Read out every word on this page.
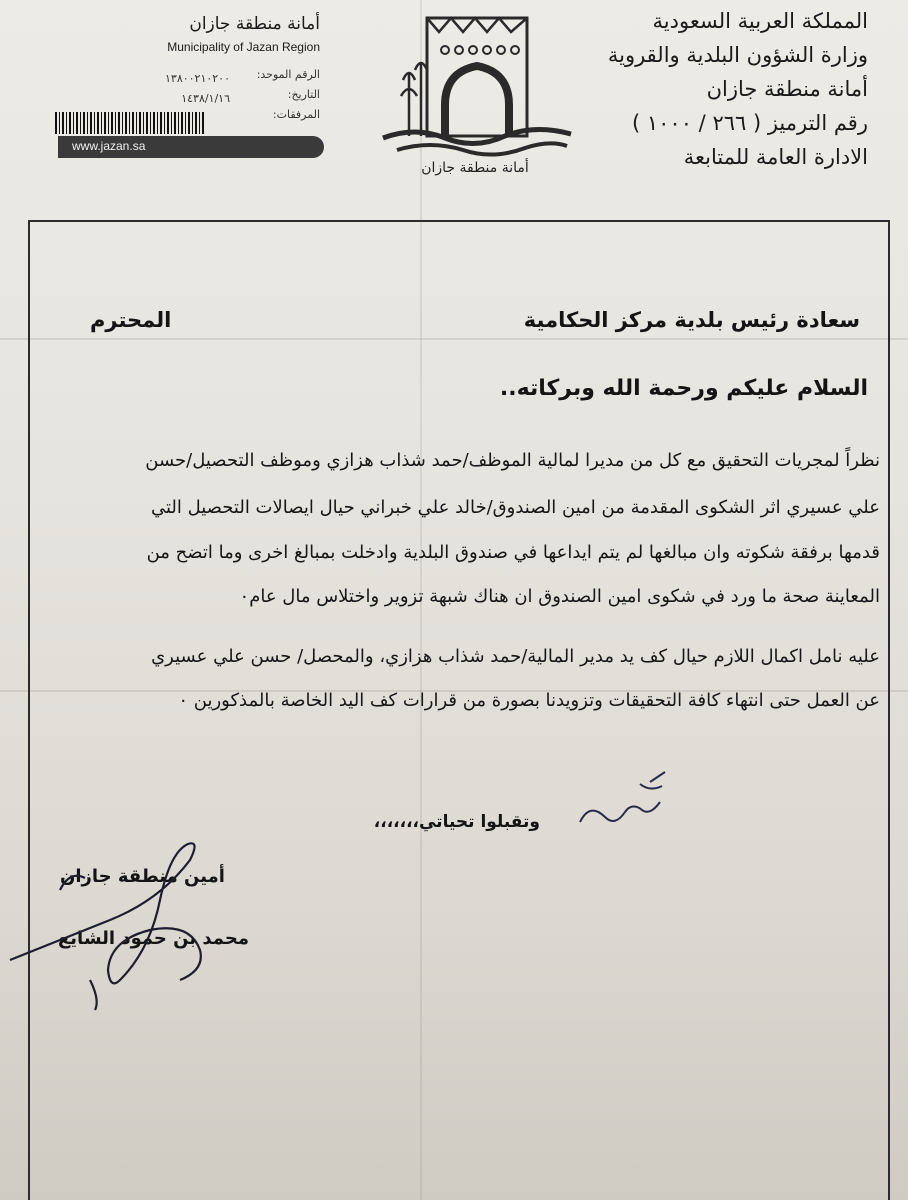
المملكة العربية السعودية
وزارة الشؤون البلدية والقروية
أمانة منطقة جازان
رقم الترميز ( ٢٦٦ / ١٠٠٠ )
الادارة العامة للمتابعة
أمانة منطقة جازان
Municipality of Jazan Region
الرقم الموحد:
١٣٨٠٠٢١٠٢٠٠
التاريخ:
١٤٣٨/١/١٦
المرفقات:
www.jazan.sa
أمانة منطقة جازان
سعادة رئيس بلدية مركز الحكامية
المحترم
السلام عليكم ورحمة الله وبركاته..
نظراً لمجريات التحقيق مع كل من مديرا لمالية الموظف/حمد شذاب هزازي وموظف التحصيل/حسن
علي عسيري اثر الشكوى المقدمة من امين الصندوق/خالد علي خبراني حيال ايصالات التحصيل التي
قدمها برفقة شكوته وان مبالغها لم يتم ايداعها في صندوق البلدية وادخلت بمبالغ اخرى وما اتضح من
المعاينة صحة ما ورد في شكوى امين الصندوق ان هناك شبهة تزوير واختلاس مال عام٠
عليه نامل اكمال اللازم حيال كف يد مدير المالية/حمد شذاب هزازي، والمحصل/ حسن علي عسيري
عن العمل حتى انتهاء كافة التحقيقات وتزويدنا بصورة من قرارات كف اليد الخاصة بالمذكورين ٠
وتقبلوا تحياتي،،،،،،،
أمين منطقة جازان
محمد بن حمود الشايع
